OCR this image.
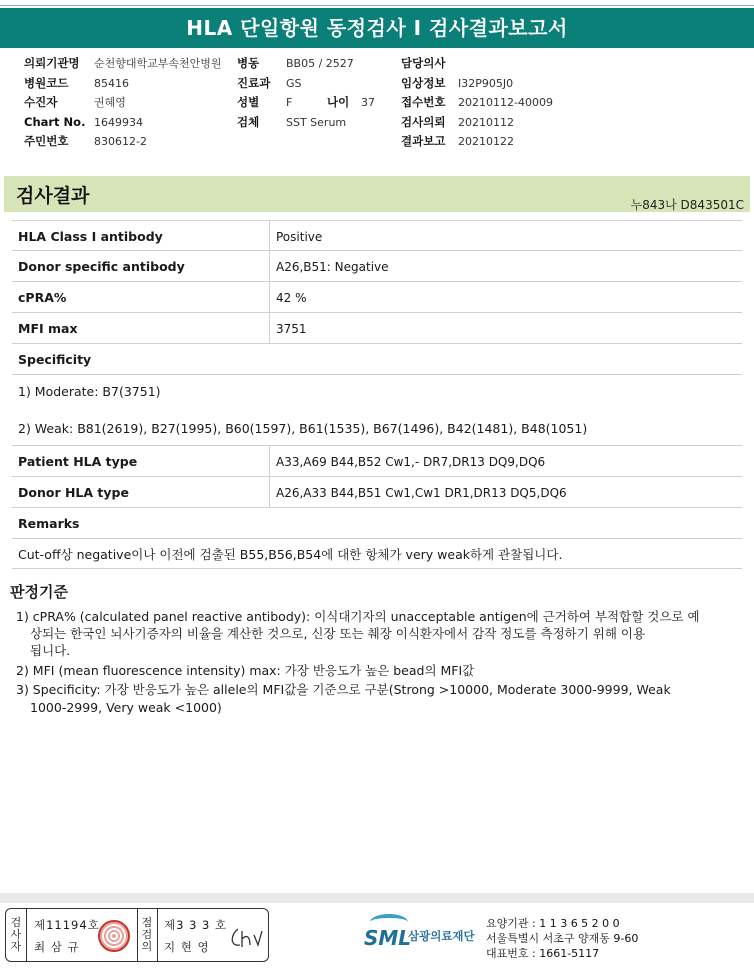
HLA 단일항원 동정검사 I 검사결과보고서
의뢰기관명 순천향대학교부속천안병원 병동 BB05 / 2527	담당의사
병원코드 85416	진료과 GS	임상정보 I32P905J0
수진자	권혜영	성별 F	나이 37 접수번호 20210112-40009
Chart No. 1649934	검체 SST Serum	검사의뢰 20210112
주민번호 830612-2	결과보고 20210122
검사결과	누843나 D843501C
HLA Class Ⅰ antibody	Positive
Donor specific antibody	A26,B51: Negative
cPRA%	42 %
MFI max	3751
Specificity
1) Moderate: B7(3751)
2) Weak: B81(2619), B27(1995), B60(1597), B61(1535), B67(1496), B42(1481), B48(1051)
Patient HLA type	A33,A69 B44,B52 Cw1,- DR7,DR13 DQ9,DQ6
Donor HLA type	A26,A33 B44,B51 Cw1,Cw1 DR1,DR13 DQ5,DQ6
Remarks
Cut-off상 negative이나 이전에 검출된 B55,B56,B54에 대한 항체가 very weak하게 관찰됩니다.
판정기준
1) cPRA% (calculated panel reactive antibody): 이식대기자의 unacceptable antigen에 근거하여 부적합할 것으로 예
상되는 한국인 뇌사기증자의 비율을 계산한 것으로, 신장 또는 췌장 이식환자에서 감작 정도를 측정하기 위해 이용
됩니다.
2) MFI (mean fluorescence intensity) max: 가장 반응도가 높은 bead의 MFI값
3) Specificity: 가장 반응도가 높은 allele의 MFI값을 기준으로 구분(Strong >10000, Moderate 3000-9999, Weak
1000-2999, Very weak <1000)
검사자
제11194호
최 삼 규
점검의
제3 3 3 호
지 현 영	SML
삼광의료재단
요양기관 : 1 1 3 6 5 2 0 0
서울특별시 서초구 양재동 9-60
대표번호 : 1661-5117
